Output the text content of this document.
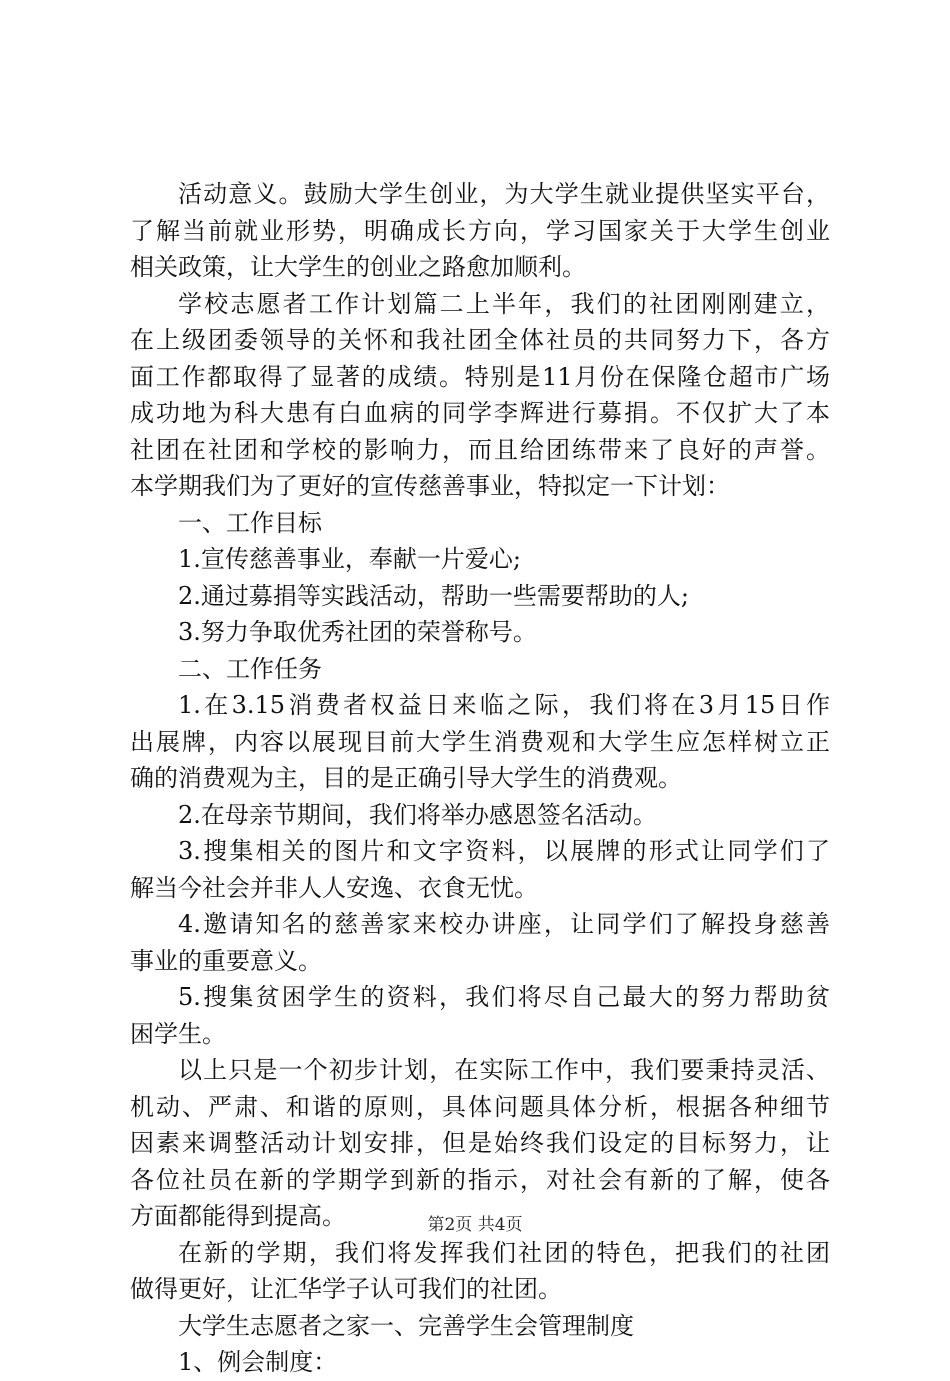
活动意义。鼓励大学生创业，为大学生就业提供坚实平台，
了解当前就业形势，明确成长方向，学习国家关于大学生创业
相关政策，让大学生的创业之路愈加顺利。
学校志愿者工作计划篇二上半年，我们的社团刚刚建立，
在上级团委领导的关怀和我社团全体社员的共同努力下，各方
面工作都取得了显著的成绩。特别是11月份在保隆仓超市广场
成功地为科大患有白血病的同学李辉进行募捐。不仅扩大了本
社团在社团和学校的影响力，而且给团练带来了良好的声誉。
本学期我们为了更好的宣传慈善事业，特拟定一下计划：
一、工作目标
1.宣传慈善事业，奉献一片爱心;
2.通过募捐等实践活动，帮助一些需要帮助的人;
3.努力争取优秀社团的荣誉称号。
二、工作任务
1.在3.15消费者权益日来临之际，我们将在3月15日作
出展牌，内容以展现目前大学生消费观和大学生应怎样树立正
确的消费观为主，目的是正确引导大学生的消费观。
2.在母亲节期间，我们将举办感恩签名活动。
3.搜集相关的图片和文字资料，以展牌的形式让同学们了
解当今社会并非人人安逸、衣食无忧。
4.邀请知名的慈善家来校办讲座，让同学们了解投身慈善
事业的重要意义。
5.搜集贫困学生的资料，我们将尽自己最大的努力帮助贫
困学生。
以上只是一个初步计划，在实际工作中，我们要秉持灵活、
机动、严肃、和谐的原则，具体问题具体分析，根据各种细节
因素来调整活动计划安排，但是始终我们设定的目标努力，让
各位社员在新的学期学到新的指示，对社会有新的了解，使各
方面都能得到提高。
在新的学期，我们将发挥我们社团的特色，把我们的社团
做得更好，让汇华学子认可我们的社团。
大学生志愿者之家一、完善学生会管理制度
1、例会制度：
第2页 共4页
